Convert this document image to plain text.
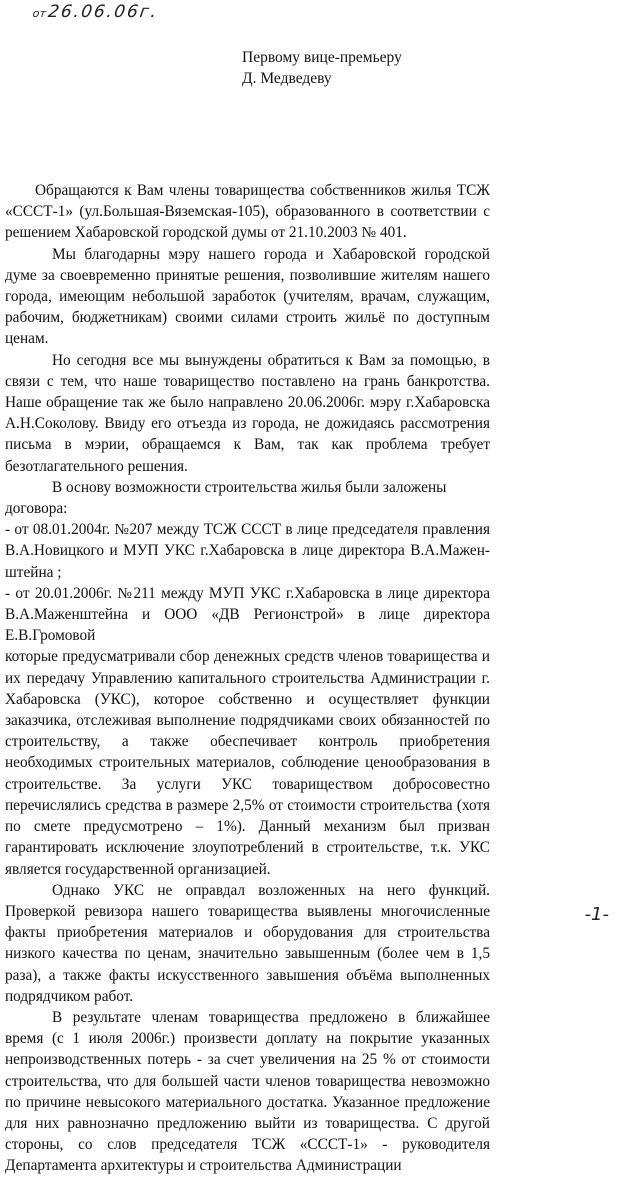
от26.06.06г.
Первому вице-премьеру
Д. Медведеву

Обращаются к Вам члены товарищества собственников жилья ТСЖ «СССТ-1» (ул.Большая-Вяземская-105), образованного в соответствии с решением Хабаровской городской думы от 21.10.2003 № 401.

Мы благодарны мэру нашего города и Хабаровской городской думе за своевременно принятые решения, позволившие жителям нашего города, имеющим небольшой заработок (учителям, врачам, служащим, рабочим, бюджетникам) своими силами строить жильё по доступным ценам.

Но сегодня все мы вынуждены обратиться к Вам за помощью, в связи с тем, что наше товарищество поставлено на грань банкротства. Наше обращение так же было направлено 20.06.2006г. мэру г.Хабаровска А.Н.Соколову. Ввиду его отъезда из города, не дожидаясь рассмотрения письма в мэрии, обращаемся к Вам, так как проблема требует безотлагательного решения.

В основу возможности строительства жилья были заложены договора:

- от 08.01.2004г. №207 между ТСЖ СССТ в лице председателя правления В.А.Новицкого и МУП УКС г.Хабаровска в лице директора В.А.Маженштейна ;

- от 20.01.2006г. №211 между МУП УКС г.Хабаровска в лице директора В.А.Маженштейна и ООО «ДВ Регионстрой» в лице директора Е.В.Громовой

которые предусматривали сбор денежных средств членов товарищества и их передачу Управлению капитального строительства Администрации г. Хабаровска (УКС), которое собственно и осуществляет функции заказчика, отслеживая выполнение подрядчиками своих обязанностей по строительству, а также обеспечивает контроль приобретения необходимых строительных материалов, соблюдение ценообразования в строительстве. За услуги УКС товариществом добросовестно перечислялись средства в размере 2,5% от стоимости строительства (хотя по смете предусмотрено – 1%). Данный механизм был призван гарантировать исключение злоупотреблений в строительстве, т.к. УКС является государственной организацией.

Однако УКС не оправдал возложенных на него функций. Проверкой ревизора нашего товарищества выявлены многочисленные факты приобретения материалов и оборудования для строительства низкого качества по ценам, значительно завышенным (более чем в 1,5 раза), а также факты искусственного завышения объёма выполненных подрядчиком работ.

В результате членам товарищества предложено в ближайшее время (с 1 июля 2006г.) произвести доплату на покрытие указанных непроизводственных потерь - за счет увеличения на 25 % от стоимости строительства, что для большей части членов товарищества невозможно по причине невысокого материального достатка. Указанное предложение для них равнозначно предложению выйти из товарищества. С другой стороны, со слов председателя ТСЖ «СССТ-1» - руководителя Департамента архитектуры и строительства Администрации

-1-
